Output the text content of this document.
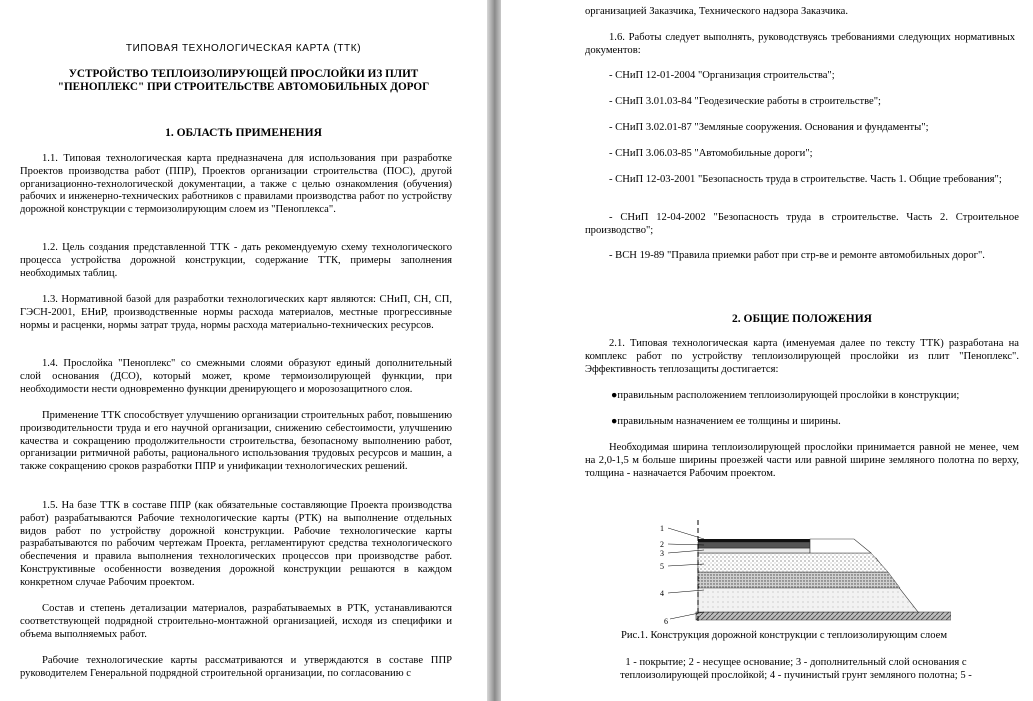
ТИПОВАЯ ТЕХНОЛОГИЧЕСКАЯ КАРТА (ТТК)
УСТРОЙСТВО ТЕПЛОИЗОЛИРУЮЩЕЙ ПРОСЛОЙКИ ИЗ ПЛИТ
"ПЕНОПЛЕКС" ПРИ СТРОИТЕЛЬСТВЕ АВТОМОБИЛЬНЫХ ДОРОГ
1. ОБЛАСТЬ ПРИМЕНЕНИЯ

1.1. Типовая технологическая карта предназначена для использования при разработке Проектов производства работ (ППР), Проектов организации строительства (ПОС), другой организационно-технологической документации, а также с целью ознакомления (обучения) рабочих и инженерно-технических работников с правилами производства работ по устройству дорожной конструкции с термоизолирующим слоем из "Пеноплекса".

1.2. Цель создания представленной ТТК - дать рекомендуемую схему технологического процесса устройства дорожной конструкции, содержание ТТК, примеры заполнения необходимых таблиц.

1.3. Нормативной базой для разработки технологических карт являются: СНиП, СН, СП, ГЭСН-2001, ЕНиР, производственные нормы расхода материалов, местные прогрессивные нормы и расценки, нормы затрат труда, нормы расхода материально-технических ресурсов.

1.4. Прослойка "Пеноплекс" со смежными слоями образуют единый дополнительный слой основания (ДСО), который может, кроме термоизолирующей функции, при необходимости нести одновременно функции дренирующего и морозозащитного слоя.

Применение ТТК способствует улучшению организации строительных работ, повышению производительности труда и его научной организации, снижению себестоимости, улучшению качества и сокращению продолжительности строительства, безопасному выполнению работ, организации ритмичной работы, рационального использования трудовых ресурсов и машин, а также сокращению сроков разработки ППР и унификации технологических решений.

1.5. На базе ТТК в составе ППР (как обязательные составляющие Проекта производства работ) разрабатываются Рабочие технологические карты (РТК) на выполнение отдельных видов работ по устройству дорожной конструкции. Рабочие технологические карты разрабатываются по рабочим чертежам Проекта, регламентируют средства технологического обеспечения и правила выполнения технологических процессов при производстве работ. Конструктивные особенности возведения дорожной конструкции решаются в каждом конкретном случае Рабочим проектом.

Состав и степень детализации материалов, разрабатываемых в РТК, устанавливаются соответствующей подрядной строительно-монтажной организацией, исходя из специфики и объема выполняемых работ.

Рабочие технологические карты рассматриваются и утверждаются в составе ППР руководителем Генеральной подрядной строительной организации, по согласованию с

организацией Заказчика, Технического надзора Заказчика.

1.6. Работы следует выполнять, руководствуясь требованиями следующих нормативных документов:

- СНиП 12-01-2004 "Организация строительства";
- СНиП 3.01.03-84 "Геодезические работы в строительстве";
- СНиП 3.02.01-87 "Земляные сооружения. Основания и фундаменты";
- СНиП 3.06.03-85 "Автомобильные дороги";
- СНиП 12-03-2001 "Безопасность труда в строительстве. Часть 1. Общие требования";
- СНиП 12-04-2002 "Безопасность труда в строительстве. Часть 2. Строительное производство";
- ВСН 19-89 "Правила приемки работ при стр-ве и ремонте автомобильных дорог".
2. ОБЩИЕ ПОЛОЖЕНИЯ

2.1. Типовая технологическая карта (именуемая далее по тексту ТТК) разработана на комплекс работ по устройству теплоизолирующей прослойки из плит "Пеноплекс". Эффективность теплозащиты достигается:

●правильным расположением теплоизолирующей прослойки в конструкции;
●правильным назначением ее толщины и ширины.

Необходимая ширина теплоизолирующей прослойки принимается равной не менее, чем на 2,0-1,5 м больше ширины проезжей части или равной ширине земляного полотна по верху, толщина - назначается Рабочим проектом.

1
2
3
5
4
6
Рис.1. Конструкция дорожной конструкции с теплоизолирующим слоем
1 - покрытие; 2 - несущее основание; 3 - дополнительный слой основания с
теплоизолирующей прослойкой; 4 - пучинистый грунт земляного полотна; 5 -
